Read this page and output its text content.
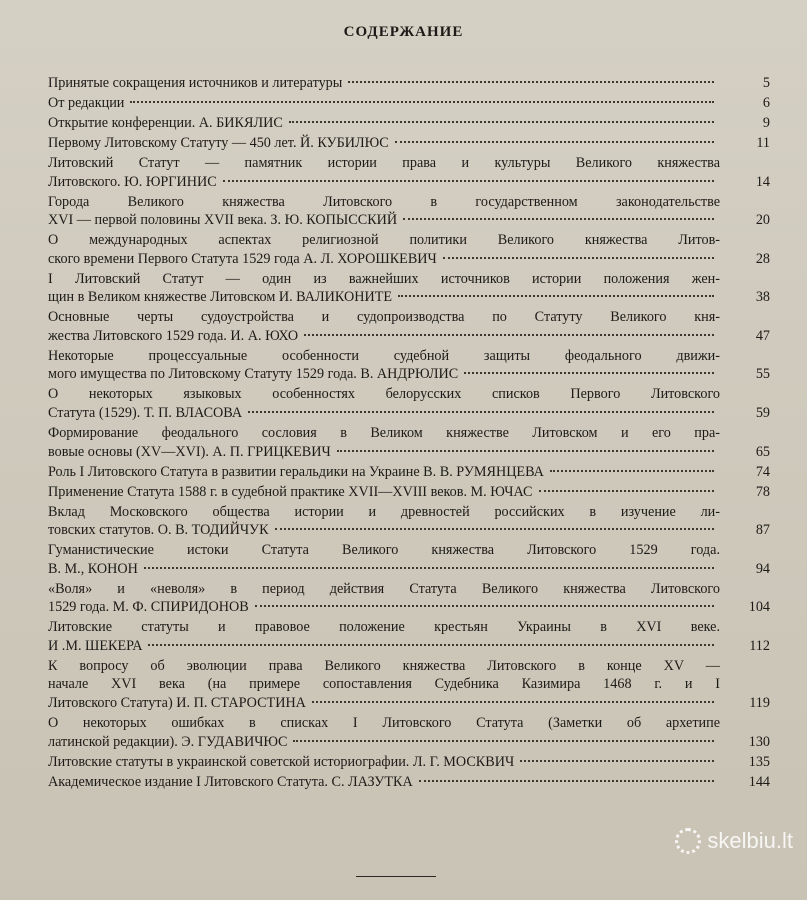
СОДЕРЖАНИЕ
Принятые сокращения источников и литературы	5
От редакции	6
Открытие конференции. А. БИКЯЛИС	9
Первому Литовскому Статуту — 450 лет. Й. КУБИЛЮС	11
Литовский Статут — памятник истории права и культуры Великого княжества
Литовского. Ю. ЮРГИНИС	14
Города Великого княжества Литовского в государственном законодательстве
XVI — первой половины XVII века. З. Ю. КОПЫССКИЙ	20
О международных аспектах религиозной политики Великого княжества Литов-
ского времени Первого Статута 1529 года А. Л. ХОРОШКЕВИЧ	28
I Литовский Статут — один из важнейших источников истории положения жен-
щин в Великом княжестве Литовском И. ВАЛИКОНИТЕ	38
Основные черты судоустройства и судопроизводства по Статуту Великого кня-
жества Литовского 1529 года. И. А. ЮХО	47
Некоторые процессуальные особенности судебной защиты феодального движи-
мого имущества по Литовскому Статуту 1529 года. В. АНДРЮЛИС	55
О некоторых языковых особенностях белорусских списков Первого Литовского
Статута (1529). Т. П. ВЛАСОВА	59
Формирование феодального сословия в Великом княжестве Литовском и его пра-
вовые основы (XV—XVI). А. П. ГРИЦКЕВИЧ	65
Роль I Литовского Статута в развитии геральдики на Украине В. В. РУМЯНЦЕВА	74
Применение Статута 1588 г. в судебной практике XVII—XVIII веков. М. ЮЧАС	78
Вклад Московского общества истории и древностей российских в изучение ли-
товских статутов. О. В. ТОДИЙЧУК	87
Гуманистические истоки Статута Великого княжества Литовского 1529 года.
В. М., КОНОН	94
«Воля» и «неволя» в период действия Статута Великого княжества Литовского
1529 года. М. Ф. СПИРИДОНОВ	104
Литовские статуты и правовое положение крестьян Украины в XVI веке.
И .М. ШЕКЕРА	112
К вопросу об эволюции права Великого княжества Литовского в конце XV —
начале XVI века (на примере сопоставления Судебника Казимира 1468 г. и I
Литовского Статута) И. П. СТАРОСТИНА	119
О некоторых ошибках в списках I Литовского Статута (Заметки об архетипе
латинской редакции). Э. ГУДАВИЧЮС	130
Литовские статуты в украинской советской историографии. Л. Г. МОСКВИЧ	135
Академическое издание I Литовского Статута. С. ЛАЗУТКА	144
skelbiu.lt
